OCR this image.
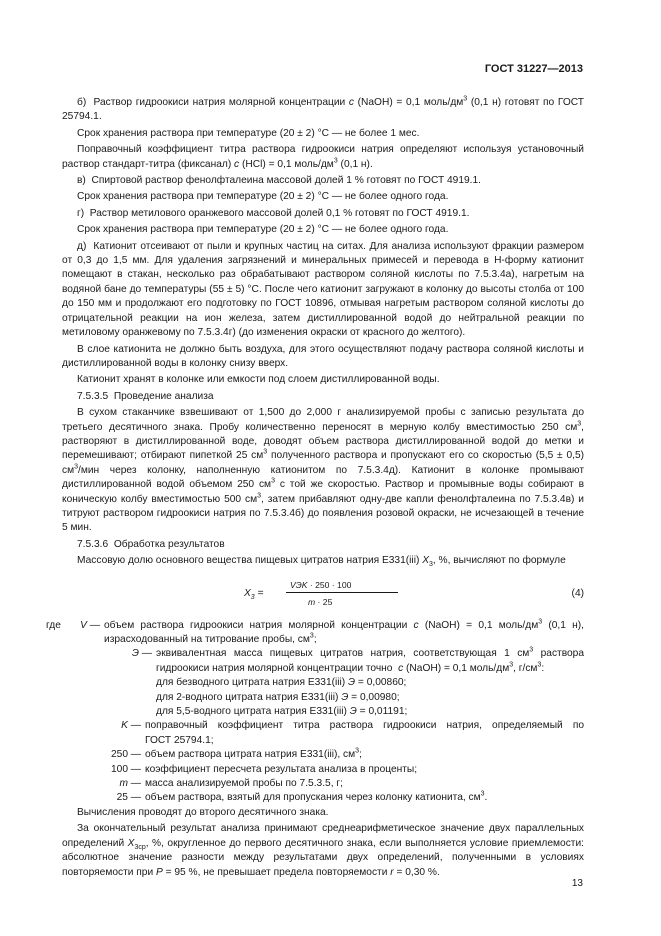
ГОСТ 31227—2013

б)  Раствор гидроокиси натрия молярной концентрации с (NaOH) = 0,1 моль/$дм^3$ (0,1 н) готовят по ГОСТ 25794.1.

Срок хранения раствора при температуре (20 ± 2) °С — не более 1 мес.

Поправочный коэффициент титра раствора гидроокиси натрия определяют используя установочный раствор стандарт-титра (фиксанал) с (HCl) = 0,1 моль/$дм^3$ (0,1 н).

в)  Спиртовой раствор фенолфталеина массовой долей 1 % готовят по ГОСТ 4919.1.

Срок хранения раствора при температуре (20 ± 2) °С — не более одного года.

г)  Раствор метилового оранжевого массовой долей 0,1 % готовят по ГОСТ 4919.1.

Срок хранения раствора при температуре (20 ± 2) °С — не более одного года.

д)  Катионит отсеивают от пыли и крупных частиц на ситах. Для анализа используют фракции размером от 0,3 до 1,5 мм. Для удаления загрязнений и минеральных примесей и перевода в Н-форму катионит помещают в стакан, несколько раз обрабатывают раствором соляной кислоты по 7.5.3.4а), нагретым на водяной бане до температуры (55 ± 5) °С. После чего катионит загружают в колонку до высоты столба от 100 до 150 мм и продолжают его подготовку по ГОСТ 10896, отмывая нагретым раствором соляной кислоты до отрицательной реакции на ион железа, затем дистиллированной водой до нейтральной реакции по метиловому оранжевому по 7.5.3.4г) (до изменения окраски от красного до желтого).

В слое катионита не должно быть воздуха, для этого осуществляют подачу раствора соляной кислоты и дистиллированной воды в колонку снизу вверх.

Катионит хранят в колонке или емкости под слоем дистиллированной воды.

7.5.3.5  Проведение анализа

В сухом стаканчике взвешивают от 1,500 до 2,000 г анализируемой пробы с записью результата до третьего десятичного знака. Пробу количественно переносят в мерную колбу вместимостью 250 $см^3$, растворяют в дистиллированной воде, доводят объем раствора дистиллированной водой до метки и перемешивают; отбирают пипеткой 25 $см^3$ полученного раствора и пропускают его со скоростью (5,5 ± 0,5) $см^3$/мин через колонку, наполненную катионитом по 7.5.3.4д). Катионит в колонке промывают дистиллированной водой объемом 250 $см^3$ с той же скоростью. Раствор и промывные воды собирают в коническую колбу вместимостью 500 $см^3$, затем прибавляют одну-две капли фенолфталеина по 7.5.3.4в) и титруют раствором гидроокиси натрия по 7.5.3.4б) до появления розовой окраски, не исчезающей в течение 5 мин.

7.5.3.6  Обработка результатов

Массовую долю основного вещества пищевых цитратов натрия Е331(iii) $X_3$, %, вычисляют по формуле

$X_3$ =
VЭK · 250 · 100
m · 25
(4)
где V — объем раствора гидроокиси натрия молярной концентрации с (NaOH) = 0,1 моль/$дм^3$ (0,1 н), израсходованный на титрование пробы, $см^3$;
Э — эквивалентная масса пищевых цитратов натрия, соответствующая 1 $см^3$ раствора гидроокиси натрия молярной концентрации точно  с (NaOH) = 0,1 моль/$дм^3$, $г/см^3$:
для безводного цитрата натрия Е331(iii) Э = 0,00860;
для 2-водного цитрата натрия Е331(iii) Э = 0,00980;
для 5,5-водного цитрата натрия Е331(iii) Э = 0,01191;
K — поправочный   коэффициент   титра   раствора   гидроокиси   натрия,   определяемый   по ГОСТ 25794.1;
250 — объем раствора цитрата натрия Е331(iii), $см^3$;
100 — коэффициент пересчета результата анализа в проценты;
m — масса анализируемой пробы по 7.5.3.5, г;
25 — объем раствора, взятый для пропускания через колонку катионита, $см^3$.

Вычисления проводят до второго десятичного знака.

За окончательный результат анализа принимают среднеарифметическое значение двух параллельных определений $X_{3ср}$, %, округленное до первого десятичного знака, если выполняется условие приемлемости: абсолютное значение разности между результатами двух определений, полученными в условиях повторяемости при P = 95 %, не превышает предела повторяемости r = 0,30 %.

13
